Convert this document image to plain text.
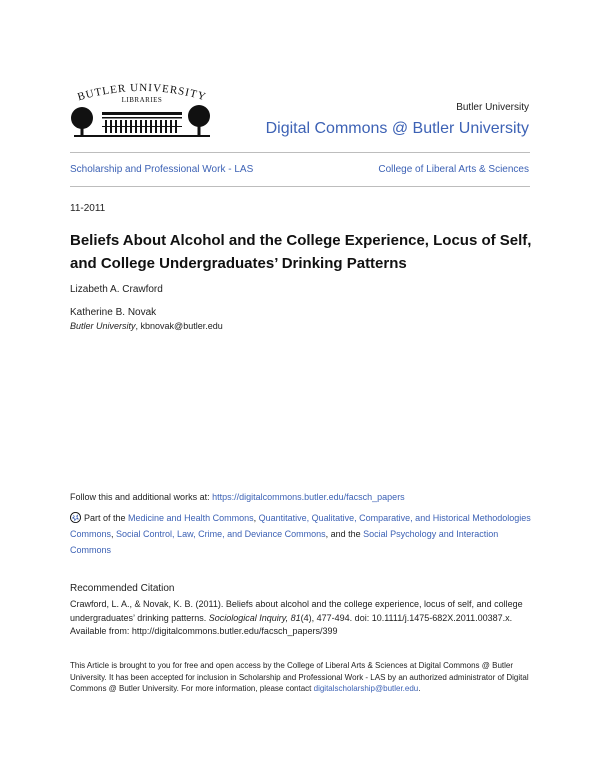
BUTLER UNIVERSITY
LIBRARIES
Butler University
Digital Commons @ Butler University
Scholarship and Professional Work - LAS	College of Liberal Arts & Sciences
11-2011
Beliefs About Alcohol and the College Experience, Locus of Self, and College Undergraduates’ Drinking Patterns
Lizabeth A. Crawford
Katherine B. Novak
Butler University, kbnovak@butler.edu
Follow this and additional works at: https://digitalcommons.butler.edu/facsch_papers
Part of the Medicine and Health Commons, Quantitative, Qualitative, Comparative, and Historical Methodologies Commons, Social Control, Law, Crime, and Deviance Commons, and the Social Psychology and Interaction Commons
Recommended Citation
Crawford, L. A., & Novak, K. B. (2011). Beliefs about alcohol and the college experience, locus of self, and college undergraduates’ drinking patterns. Sociological Inquiry, 81(4), 477-494. doi: 10.1111/j.1475-682X.2011.00387.x. Available from: http://digitalcommons.butler.edu/facsch_papers/399
This Article is brought to you for free and open access by the College of Liberal Arts & Sciences at Digital Commons @ Butler University. It has been accepted for inclusion in Scholarship and Professional Work - LAS by an authorized administrator of Digital Commons @ Butler University. For more information, please contact digitalscholarship@butler.edu.
